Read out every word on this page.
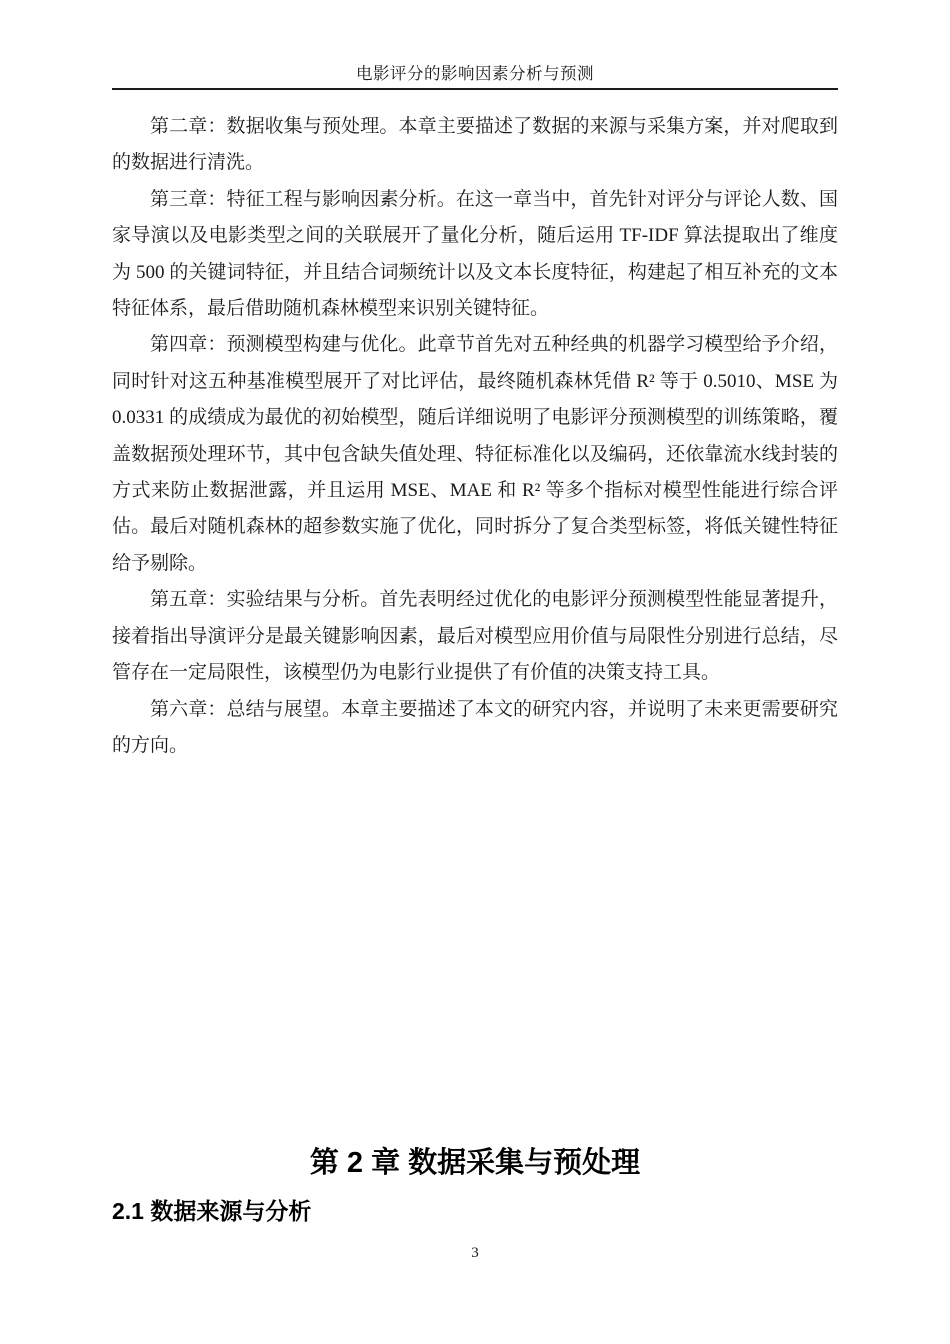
电影评分的影响因素分析与预测

第二章：数据收集与预处理。本章主要描述了数据的来源与采集方案，并对爬取到的数据进行清洗。

第三章：特征工程与影响因素分析。在这一章当中，首先针对评分与评论人数、国家导演以及电影类型之间的关联展开了量化分析，随后运用 TF-IDF 算法提取出了维度为 500 的关键词特征，并且结合词频统计以及文本长度特征，构建起了相互补充的文本特征体系，最后借助随机森林模型来识别关键特征。

第四章：预测模型构建与优化。此章节首先对五种经典的机器学习模型给予介绍，同时针对这五种基准模型展开了对比评估，最终随机森林凭借 R² 等于 0.5010、MSE 为 0.0331 的成绩成为最优的初始模型，随后详细说明了电影评分预测模型的训练策略，覆盖数据预处理环节，其中包含缺失值处理、特征标准化以及编码，还依靠流水线封装的方式来防止数据泄露，并且运用 MSE、MAE 和 R² 等多个指标对模型性能进行综合评估。最后对随机森林的超参数实施了优化，同时拆分了复合类型标签，将低关键性特征给予剔除。

第五章：实验结果与分析。首先表明经过优化的电影评分预测模型性能显著提升，接着指出导演评分是最关键影响因素，最后对模型应用价值与局限性分别进行总结，尽管存在一定局限性，该模型仍为电影行业提供了有价值的决策支持工具。

第六章：总结与展望。本章主要描述了本文的研究内容，并说明了未来更需要研究的方向。

第 2 章 数据采集与预处理
2.1 数据来源与分析
3
